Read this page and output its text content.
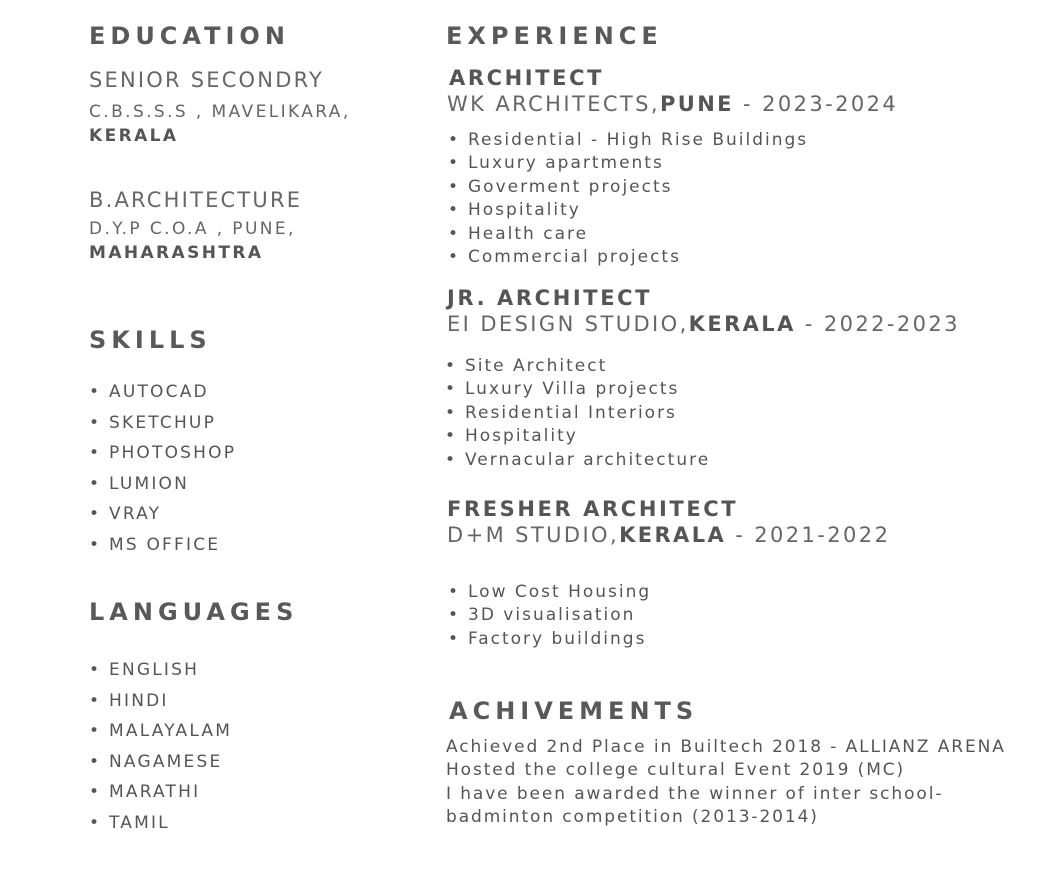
EDUCATION
SENIOR SECONDRY
C.B.S.S.S , MAVELIKARA,
KERALA
B.ARCHITECTURE
D.Y.P C.O.A , PUNE,
MAHARASHTRA
SKILLS
• AUTOCAD
• SKETCHUP
• PHOTOSHOP
• LUMION
• VRAY
• MS OFFICE
LANGUAGES
• ENGLISH
• HINDI
• MALAYALAM
• NAGAMESE
• MARATHI
• TAMIL
EXPERIENCE
ARCHITECT
WK ARCHITECTS,PUNE - 2023-2024
• Residential - High Rise Buildings
• Luxury apartments
• Goverment projects
• Hospitality
• Health care
• Commercial projects
JR. ARCHITECT
EI DESIGN STUDIO,KERALA - 2022-2023
• Site Architect
• Luxury Villa projects
• Residential Interiors
• Hospitality
• Vernacular architecture
FRESHER ARCHITECT
D+M STUDIO,KERALA - 2021-2022
• Low Cost Housing
• 3D visualisation
• Factory buildings
ACHIVEMENTS
Achieved 2nd Place in Builtech 2018 - ALLIANZ ARENA
Hosted the college cultural Event 2019 (MC)
I have been awarded the winner of inter school-
badminton competition (2013-2014)
